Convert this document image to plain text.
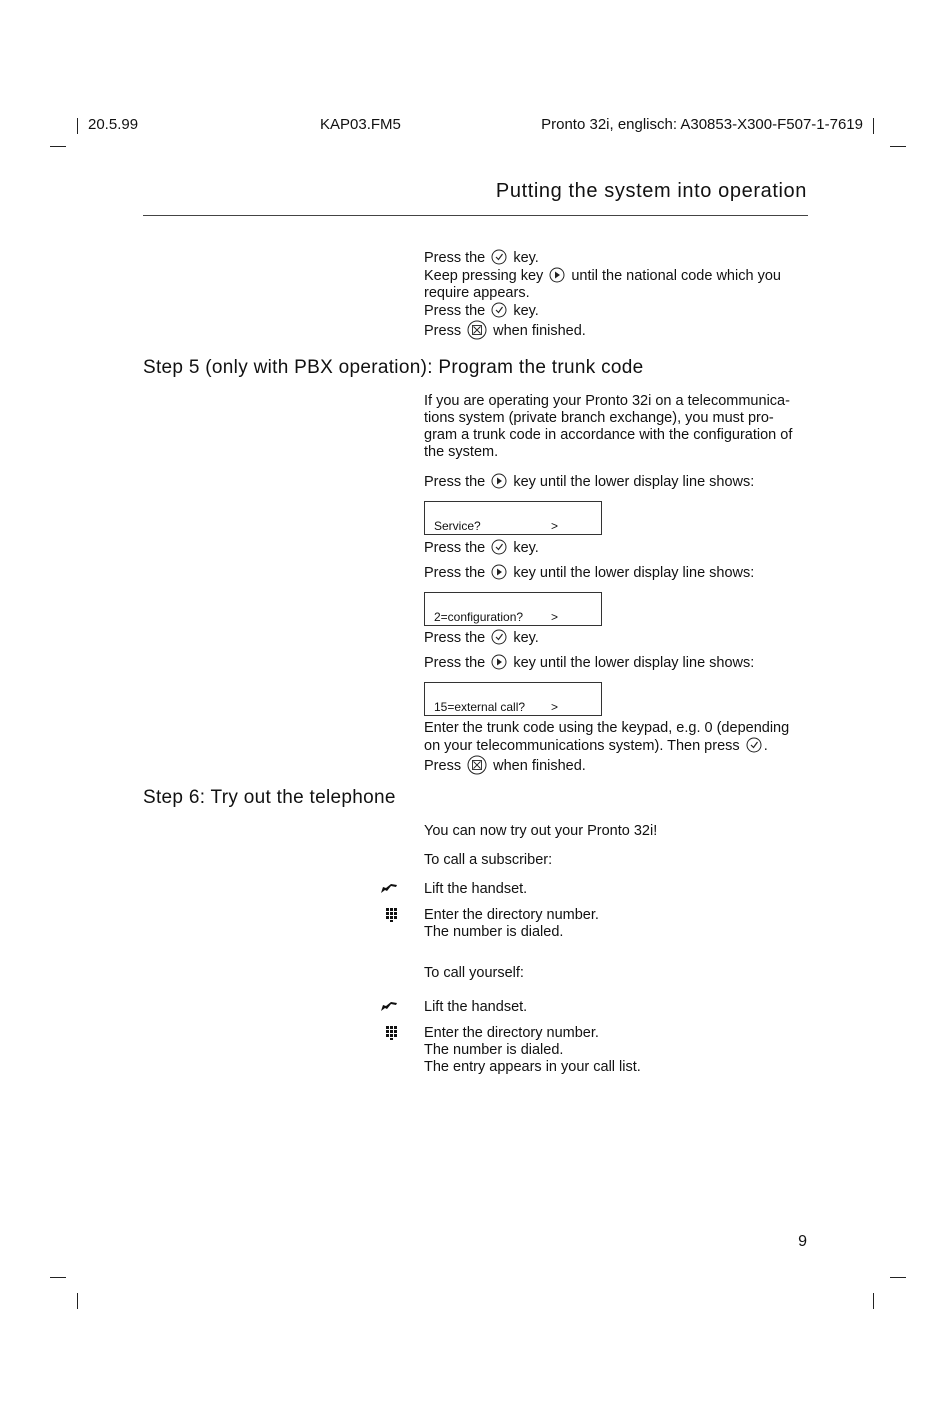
20.5.99	KAP03.FM5	Pronto 32i, englisch: A30853-X300-F507-1-7619
Putting the system into operation

Press the key.

Keep pressing key until the national code which you

require appears.

Press the key.

Press when finished.

Step 5 (only with PBX operation): Program the trunk code

If you are operating your Pronto 32i on a telecommunica-

tions system (private branch exchange), you must pro-

gram a trunk code in accordance with the configuration of

the system.

Press the key until the lower display line shows:
Service?	>
Press the key.
Press the key until the lower display line shows:
2=configuration? >
Press the key.
Press the key until the lower display line shows:
15=external call? >

Enter the trunk code using the keypad, e.g. 0 (depending

on your telecommunications system). Then press .

Press when finished.

Step 6: Try out the telephone
You can now try out your Pronto 32i!
To call a subscriber:
Lift the handset.

Enter the directory number.

The number is dialed.

To call yourself:
Lift the handset.

Enter the directory number.

The number is dialed.

The entry appears in your call list.

9
